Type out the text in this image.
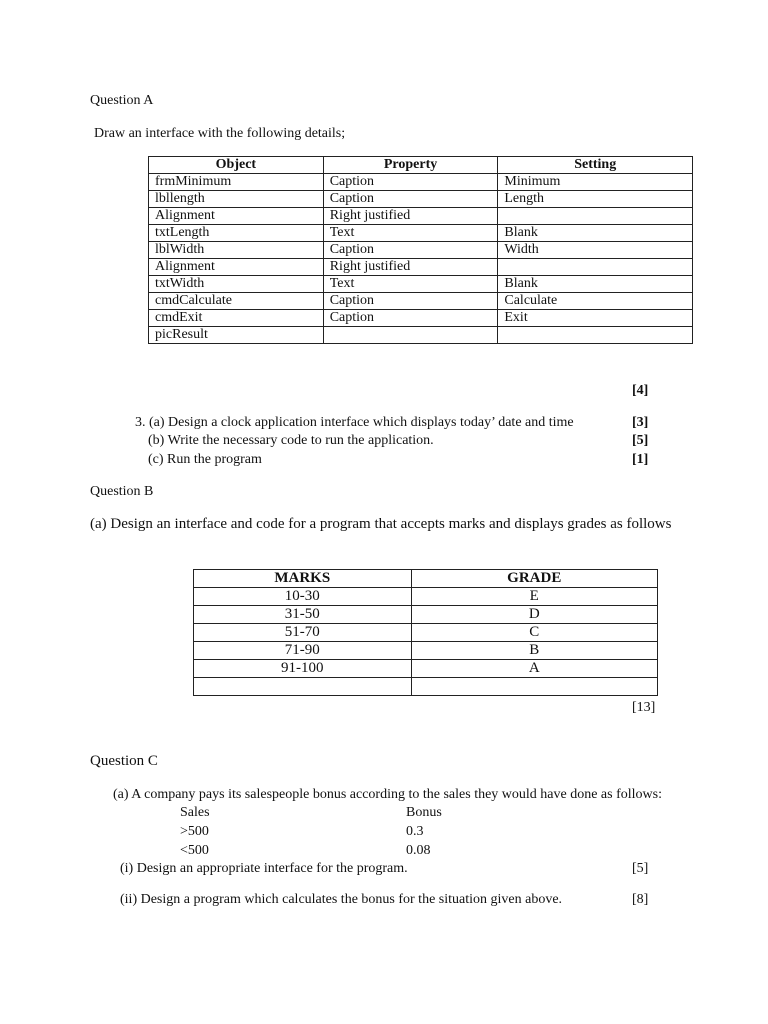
Question A
Draw an interface with the following details;
Object	Property	Setting
frmMinimum	Caption	Minimum
lbllength	Caption	Length
Alignment	Right justified	
txtLength	Text	Blank
lblWidth	Caption	Width
Alignment	Right justified	
txtWidth	Text	Blank
cmdCalculate	Caption	Calculate
cmdExit	Caption	Exit
picResult		
[4]
3. (a) Design a clock application interface which displays today’ date and time	[3]
(b) Write the necessary code to run the application.	[5]
(c) Run the program	[1]
Question B
(a) Design an interface and code for a program that accepts marks and displays grades as follows
MARKS	GRADE
10-30	E
31-50	D
51-70	C
71-90	B
91-100	A

[13]
Question C
(a) A company pays its salespeople bonus according to the sales they would have done as follows:
Sales	Bonus
>500	0.3
<500	0.08
(i) Design an appropriate interface for the program.	[5]
(ii) Design a program which calculates the bonus for the situation given above.	[8]
